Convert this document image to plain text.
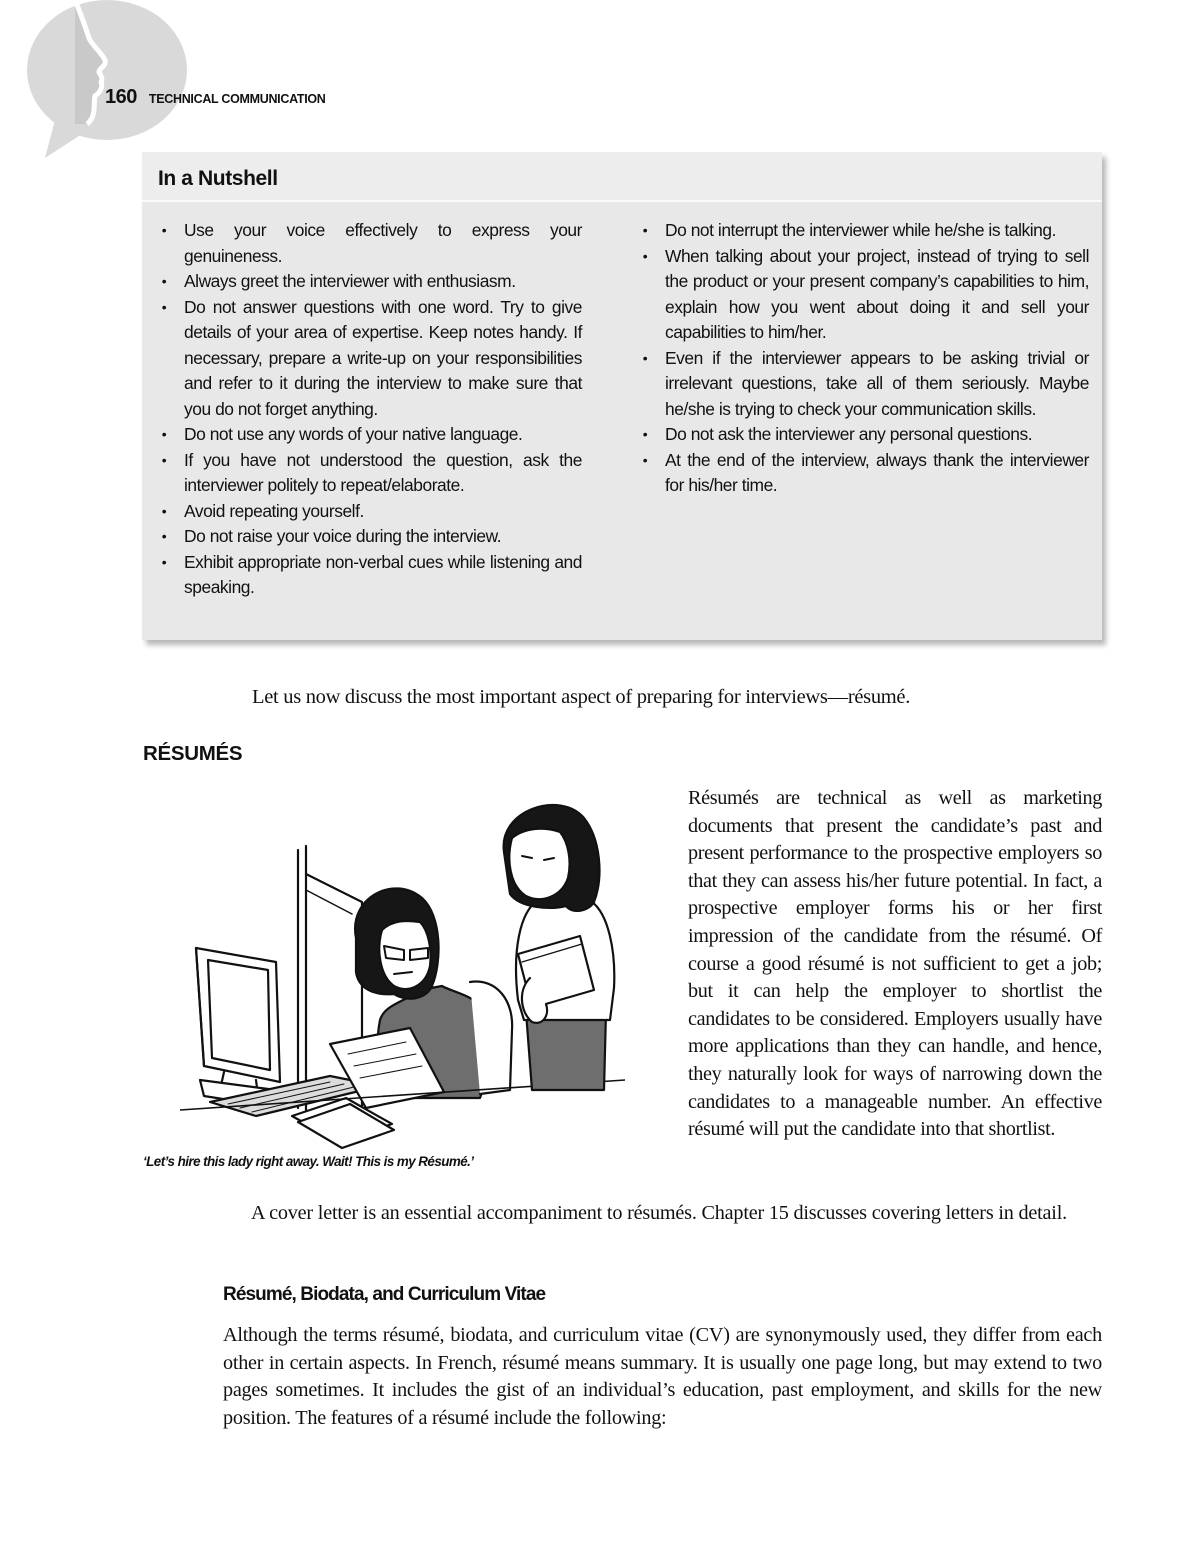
160 TECHNICAL COMMUNICATION
In a Nutshell
• Use your voice effectively to express your genuineness.
• Always greet the interviewer with enthusiasm.
• Do not answer questions with one word. Try to give details of your area of expertise. Keep notes handy. If necessary, prepare a write-up on your responsibilities and refer to it during the interview to make sure that you do not forget anything.
• Do not use any words of your native language.
• If you have not understood the question, ask the interviewer politely to repeat/elaborate.
• Avoid repeating yourself.
• Do not raise your voice during the interview.
• Exhibit appropriate non-verbal cues while listening and speaking.
• Do not interrupt the interviewer while he/she is talking.
• When talking about your project, instead of trying to sell the product or your present company’s capabilities to him, explain how you went about doing it and sell your capabilities to him/her.
• Even if the interviewer appears to be asking trivial or irrelevant questions, take all of them seriously. Maybe he/she is trying to check your communication skills.
• Do not ask the interviewer any personal questions.
• At the end of the interview, always thank the interviewer for his/her time.
Let us now discuss the most important aspect of preparing for interviews—résumé.
RÉSUMÉS
‘Let’s hire this lady right away. Wait! This is my Résumé.’

Résumés are technical as well as marketing documents that present the candidate’s past and present performance to the prospective employers so that they can assess his/her future potential. In fact, a prospective employer forms his or her first impression of the candidate from the résumé. Of course a good résumé is not sufficient to get a job; but it can help the employer to shortlist the candidates to be considered. Employers usually have more applications than they can handle, and hence, they naturally look for ways of narrowing down the candidates to a manageable number. An effective résumé will put the candidate into that shortlist.

A cover letter is an essential accompaniment to résumés. Chapter 15 discusses covering letters in detail.

Résumé, Biodata, and Curriculum Vitae

Although the terms résumé, biodata, and curriculum vitae (CV) are synonymously used, they differ from each other in certain aspects. In French, résumé means summary. It is usually one page long, but may extend to two pages sometimes. It includes the gist of an individual’s education, past employment, and skills for the new position. The features of a résumé include the following:
